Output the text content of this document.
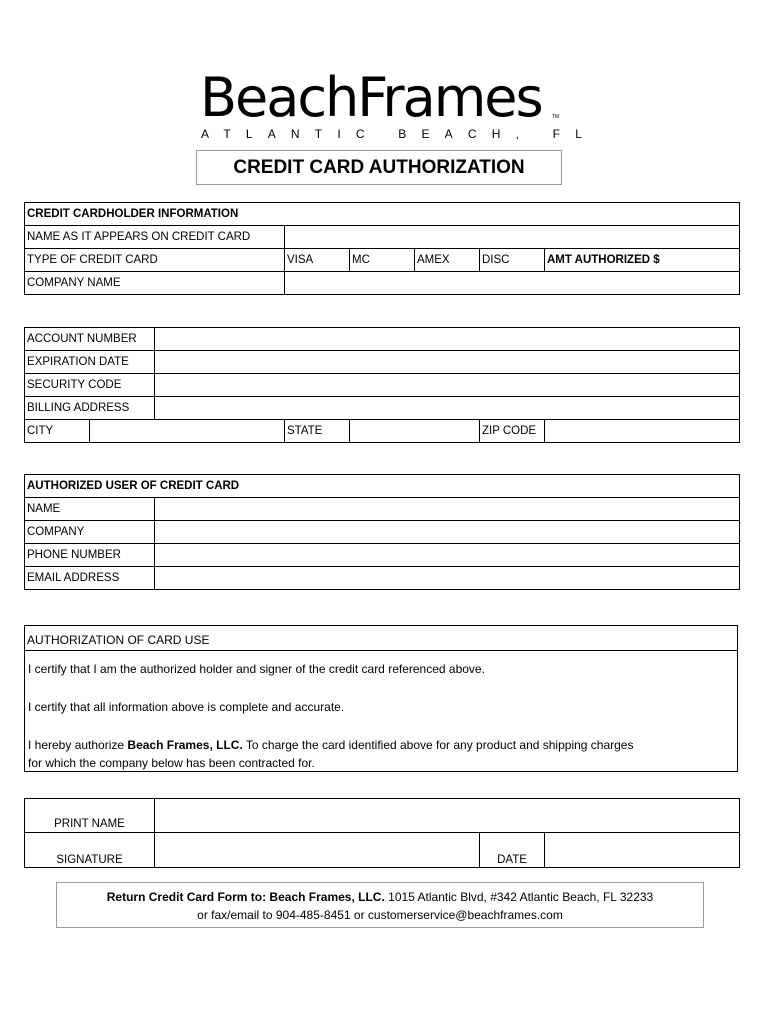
BeachFrames	TM
ATLANTIC BEACH, FL
CREDIT CARD AUTHORIZATION
CREDIT CARDHOLDER INFORMATION					
NAME AS IT APPEARS ON CREDIT CARD					
TYPE OF CREDIT CARD	VISA	MC	AMEX	DISC	AMT AUTHORIZED $
COMPANY NAME					
ACCOUNT NUMBER						
EXPIRATION DATE						
SECURITY CODE						
BILLING ADDRESS						
CITY			STATE		ZIP CODE	
AUTHORIZED USER OF CREDIT CARD	
NAME	
COMPANY	
PHONE NUMBER	
EMAIL ADDRESS	
AUTHORIZATION OF CARD USE

I certify that I am the authorized holder and signer of the credit card referenced above.

I certify that all information above is complete and accurate.

I hereby authorize Beach Frames, LLC. To charge the card identified above for any product and shipping charges

for which the company below has been contracted for.

PRINT NAME			
SIGNATURE		DATE	
Return Credit Card Form to: Beach Frames, LLC. 1015 Atlantic Blvd, #342 Atlantic Beach, FL 32233
or fax/email to 904-485-8451 or customerservice@beachframes.com
